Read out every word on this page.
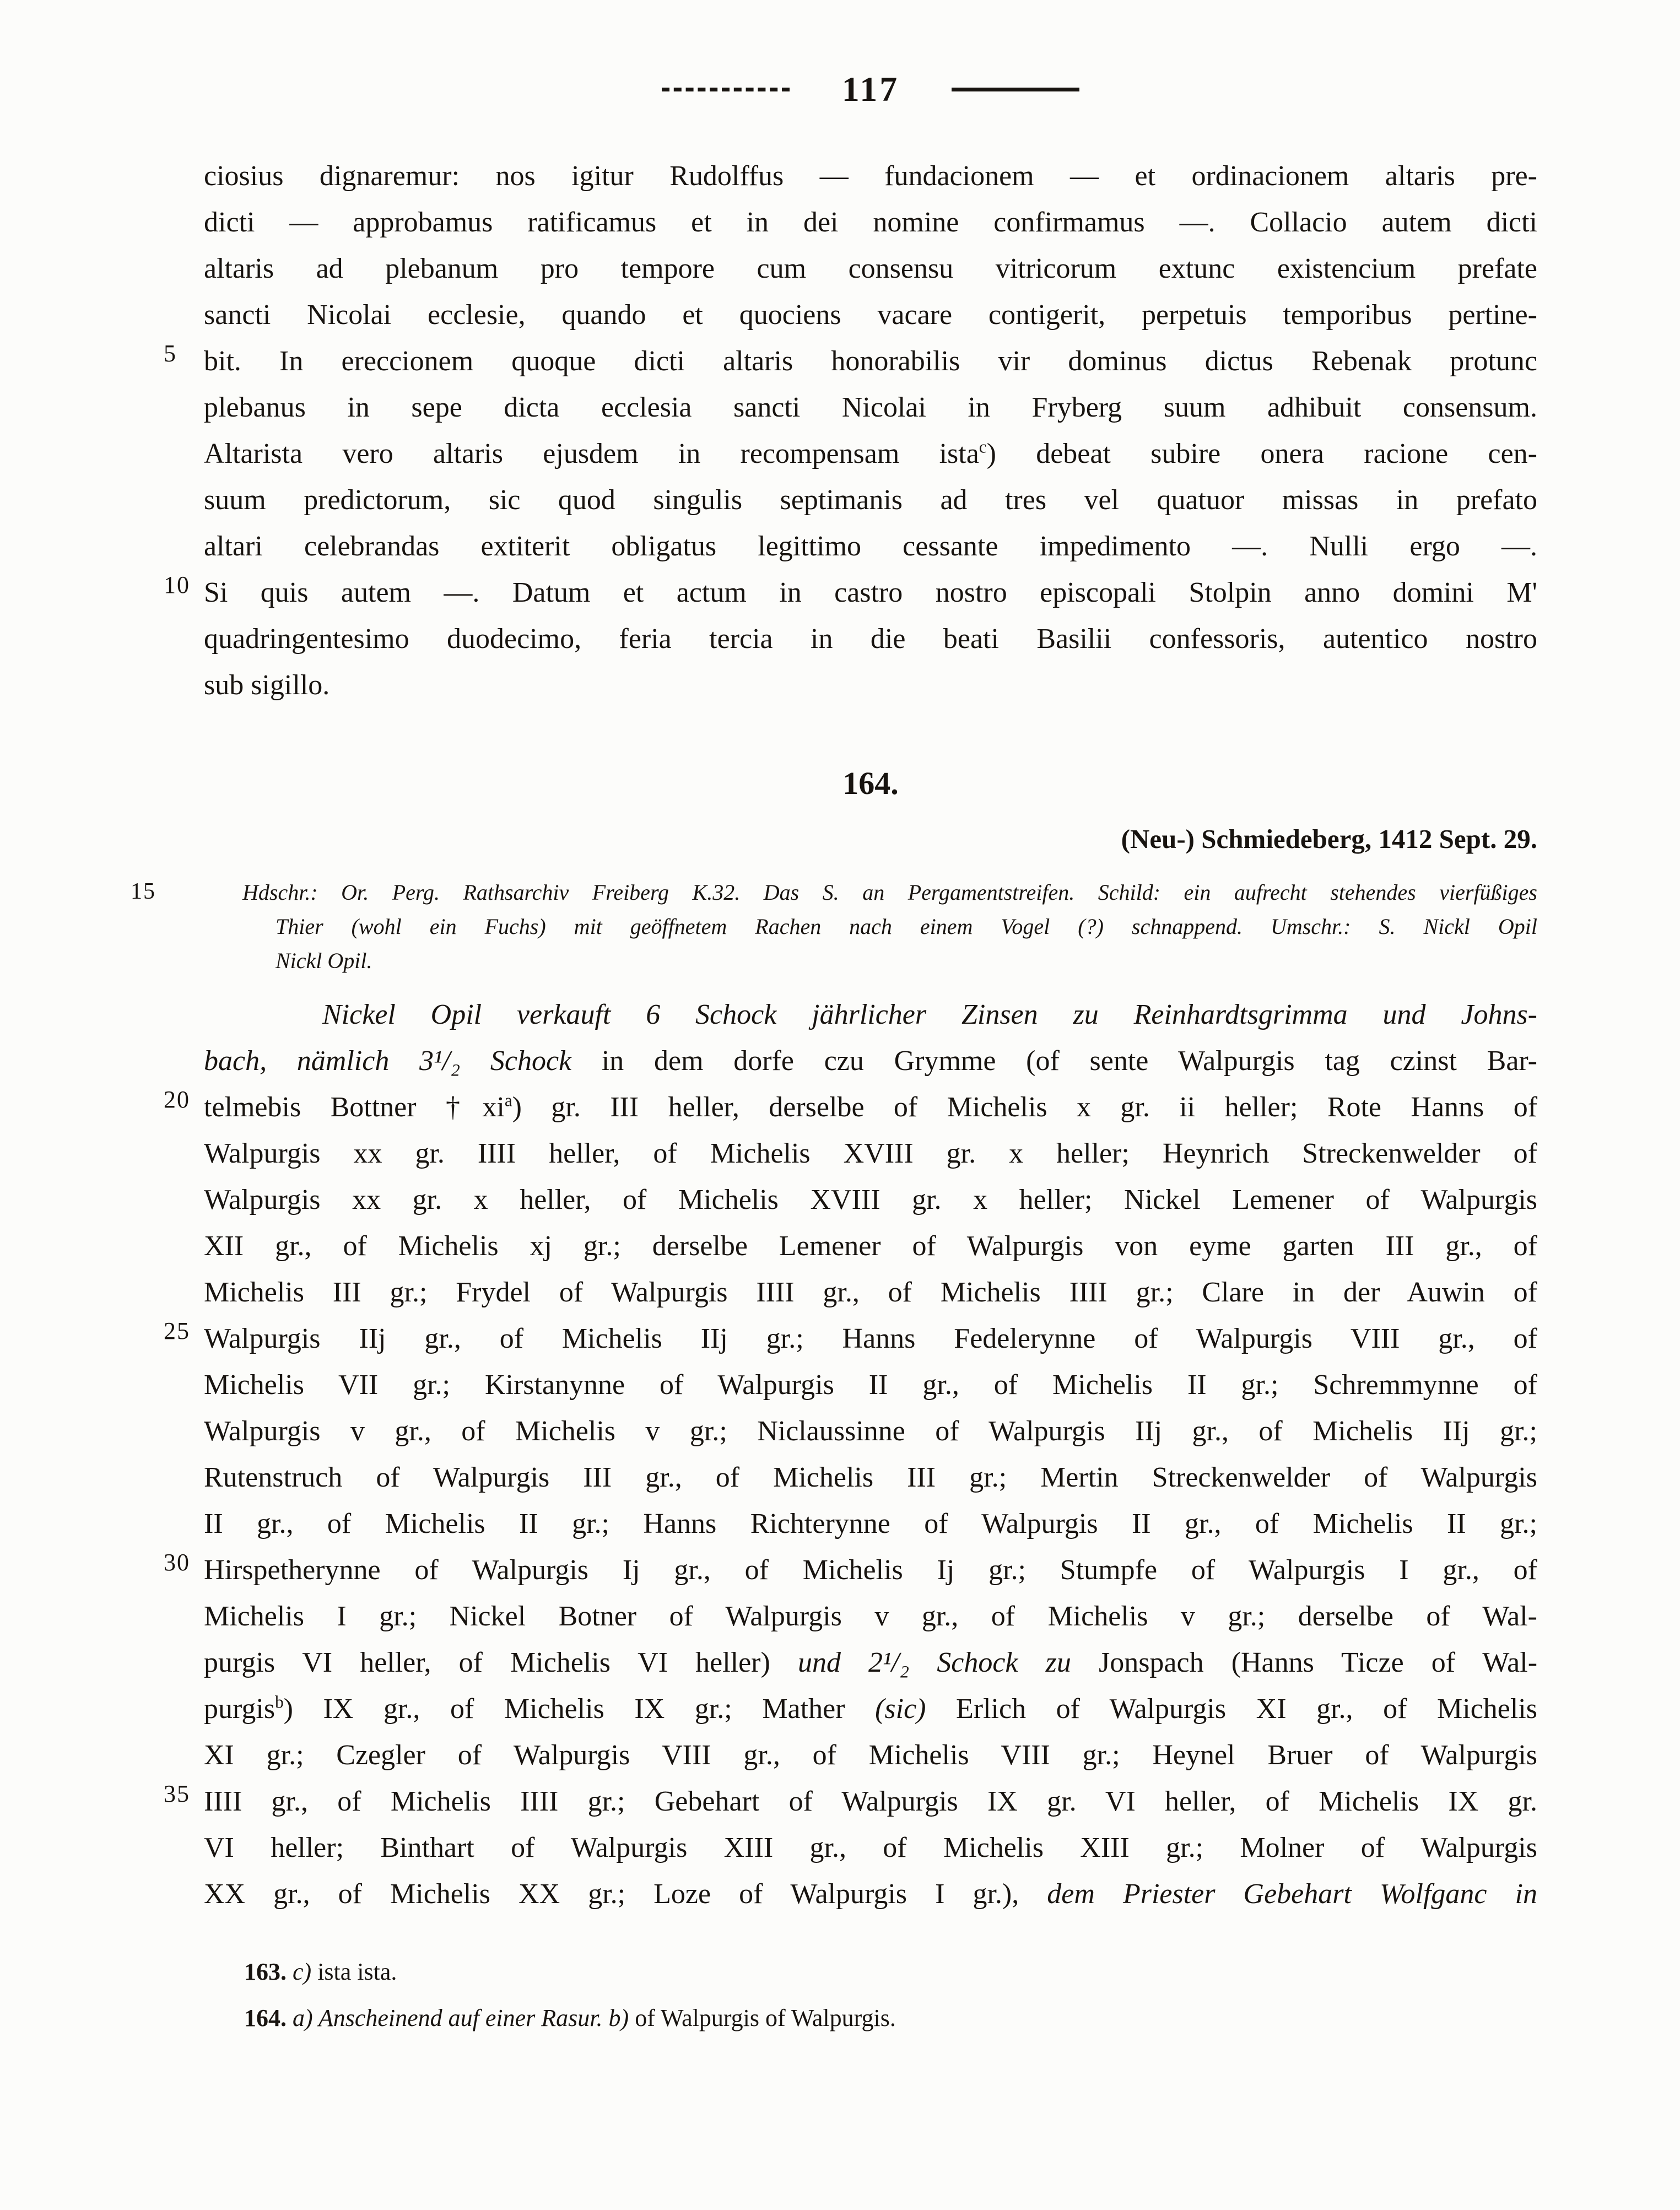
117
ciosius dignaremur: nos igitur Rudolffus — fundacionem — et ordinacionem altaris pre-
dicti — approbamus ratificamus et in dei nomine confirmamus —. Collacio autem dicti
altaris ad plebanum pro tempore cum consensu vitricorum extunc existencium prefate
sancti Nicolai ecclesie, quando et quociens vacare contigerit, perpetuis temporibus pertine-
5 bit. In ereccionem quoque dicti altaris honorabilis vir dominus dictus Rebenak protunc
plebanus in sepe dicta ecclesia sancti Nicolai in Fryberg suum adhibuit consensum.
Altarista vero altaris ejusdem in recompensam ista$^c$) debeat subire onera racione cen-
suum predictorum, sic quod singulis septimanis ad tres vel quatuor missas in prefato
altari celebrandas extiterit obligatus legittimo cessante impedimento —. Nulli ergo —.
10 Si quis autem —. Datum et actum in castro nostro episcopali Stolpin anno domini M'
quadringentesimo duodecimo, feria tercia in die beati Basilii confessoris, autentico nostro
sub sigillo.
164.
(Neu-) Schmiedeberg, 1412 Sept. 29.
15	Hdschr.: Or. Perg. Rathsarchiv Freiberg K.32. Das S. an Pergamentstreifen. Schild: ein aufrecht stehendes vierfüßiges
Thier (wohl ein Fuchs) mit geöffnetem Rachen nach einem Vogel (?) schnappend. Umschr.: S. Nickl Opil
Nickl Opil.
Nickel Opil verkauft 6 Schock jährlicher Zinsen zu Reinhardtsgrimma und Johns-
bach, nämlich 3¹/₂ Schock in dem dorfe czu Grymme (of sente Walpurgis tag czinst Bar-
20 telmebis Bottner $\dagger xi^a$) gr. III heller, derselbe of Michelis x gr. ii heller; Rote Hanns of
Walpurgis xx gr. IIII heller, of Michelis XVIII gr. x heller; Heynrich Streckenwelder of
Walpurgis xx gr. x heller, of Michelis XVIII gr. x heller; Nickel Lemener of Walpurgis
XII gr., of Michelis xj gr.; derselbe Lemener of Walpurgis von eyme garten III gr., of
Michelis III gr.; Frydel of Walpurgis IIII gr., of Michelis IIII gr.; Clare in der Auwin of
25 Walpurgis IIj gr., of Michelis IIj gr.; Hanns Fedelerynne of Walpurgis VIII gr., of
Michelis VII gr.; Kirstanynne of Walpurgis II gr., of Michelis II gr.; Schremmynne of
Walpurgis v gr., of Michelis v gr.; Niclaussinne of Walpurgis IIj gr., of Michelis IIj gr.;
Rutenstruch of Walpurgis III gr., of Michelis III gr.; Mertin Streckenwelder of Walpurgis
II gr., of Michelis II gr.; Hanns Richterynne of Walpurgis II gr., of Michelis II gr.;
30 Hirspetherynne of Walpurgis Ij gr., of Michelis Ij gr.; Stumpfe of Walpurgis I gr., of
Michelis I gr.; Nickel Botner of Walpurgis v gr., of Michelis v gr.; derselbe of Wal-
purgis VI heller, of Michelis VI heller) und 2¹/₂ Schock zu Jonspach (Hanns Ticze of Wal-
purgis$^b$) IX gr., of Michelis IX gr.; Mather (sic) Erlich of Walpurgis XI gr., of Michelis
XI gr.; Czegler of Walpurgis VIII gr., of Michelis VIII gr.; Heynel Bruer of Walpurgis
35 IIII gr., of Michelis IIII gr.; Gebehart of Walpurgis IX gr. VI heller, of Michelis IX gr.
VI heller; Binthart of Walpurgis XIII gr., of Michelis XIII gr.; Molner of Walpurgis
XX gr., of Michelis XX gr.; Loze of Walpurgis I gr.), dem Priester Gebehart Wolfganc in
163. c) ista ista.
164. a) Anscheinend auf einer Rasur. b) of Walpurgis of Walpurgis.
